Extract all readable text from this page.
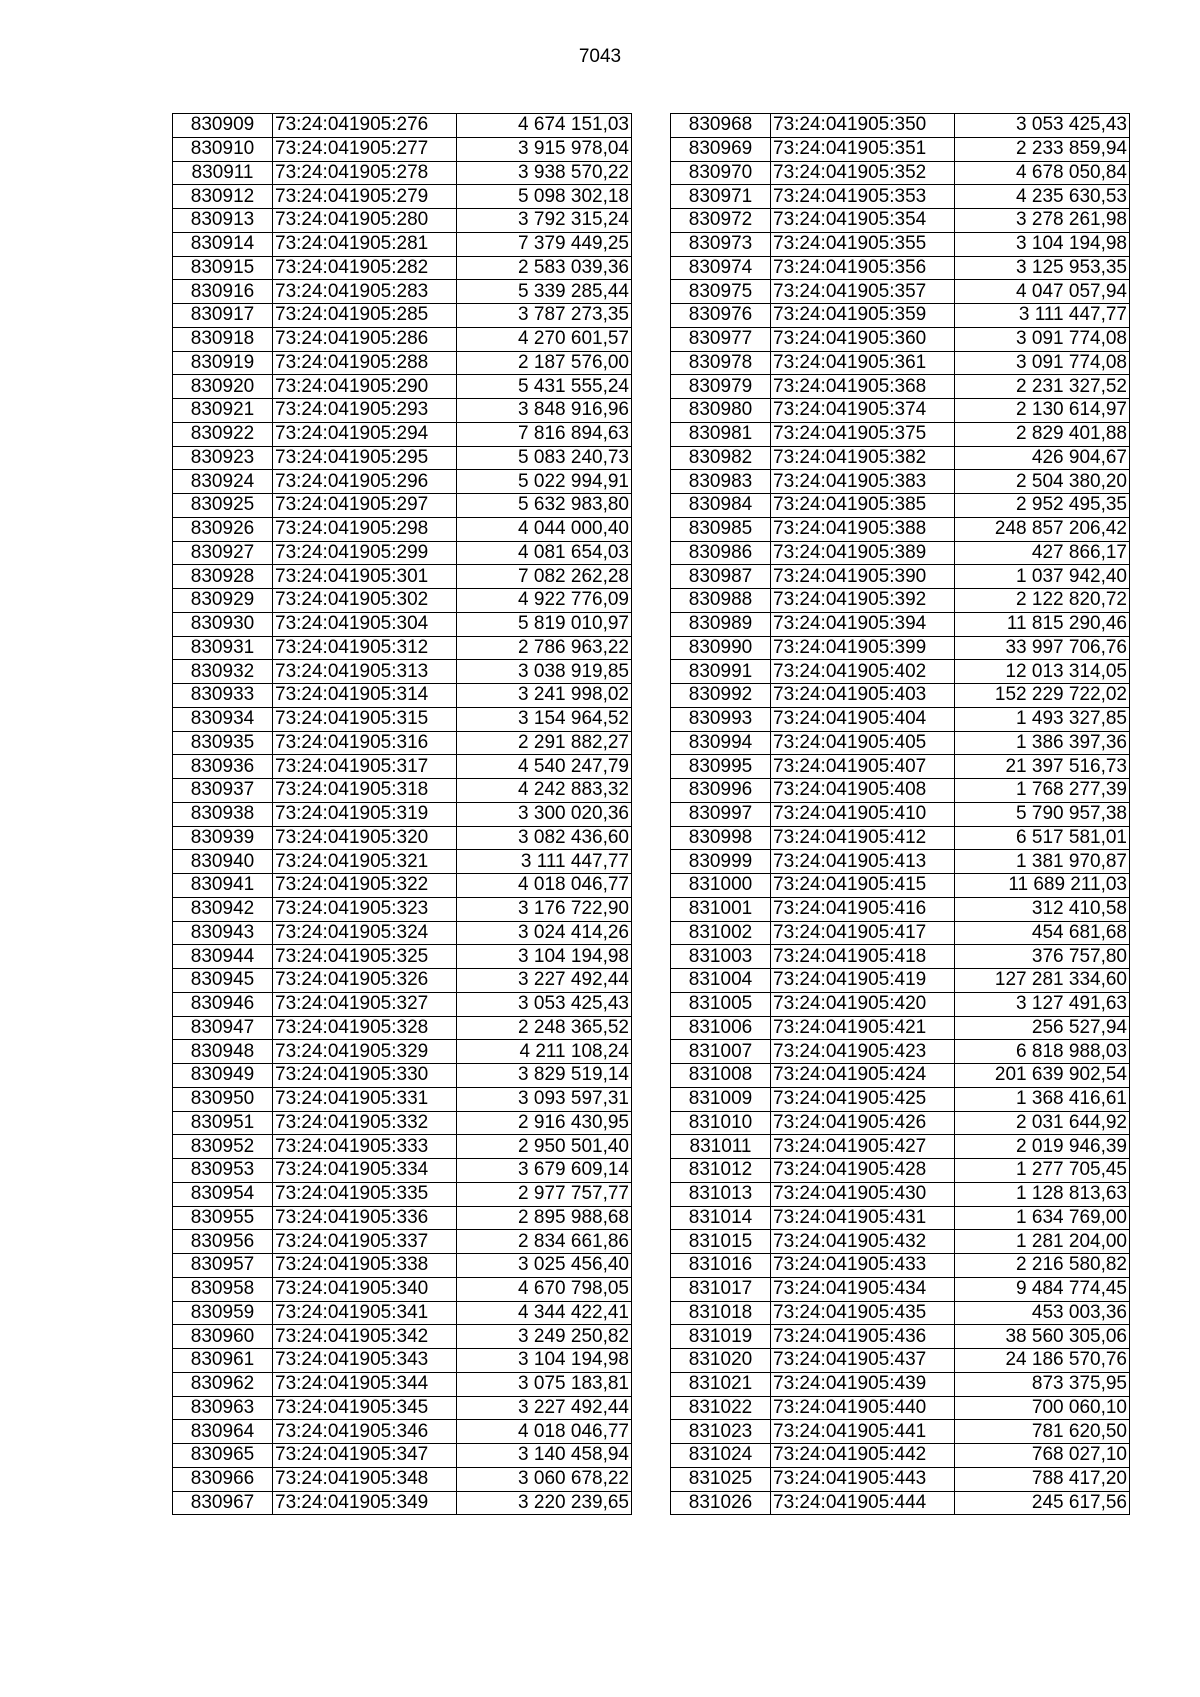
7043
830909	73:24:041905:276	4 674 151,03
830910	73:24:041905:277	3 915 978,04
830911	73:24:041905:278	3 938 570,22
830912	73:24:041905:279	5 098 302,18
830913	73:24:041905:280	3 792 315,24
830914	73:24:041905:281	7 379 449,25
830915	73:24:041905:282	2 583 039,36
830916	73:24:041905:283	5 339 285,44
830917	73:24:041905:285	3 787 273,35
830918	73:24:041905:286	4 270 601,57
830919	73:24:041905:288	2 187 576,00
830920	73:24:041905:290	5 431 555,24
830921	73:24:041905:293	3 848 916,96
830922	73:24:041905:294	7 816 894,63
830923	73:24:041905:295	5 083 240,73
830924	73:24:041905:296	5 022 994,91
830925	73:24:041905:297	5 632 983,80
830926	73:24:041905:298	4 044 000,40
830927	73:24:041905:299	4 081 654,03
830928	73:24:041905:301	7 082 262,28
830929	73:24:041905:302	4 922 776,09
830930	73:24:041905:304	5 819 010,97
830931	73:24:041905:312	2 786 963,22
830932	73:24:041905:313	3 038 919,85
830933	73:24:041905:314	3 241 998,02
830934	73:24:041905:315	3 154 964,52
830935	73:24:041905:316	2 291 882,27
830936	73:24:041905:317	4 540 247,79
830937	73:24:041905:318	4 242 883,32
830938	73:24:041905:319	3 300 020,36
830939	73:24:041905:320	3 082 436,60
830940	73:24:041905:321	3 111 447,77
830941	73:24:041905:322	4 018 046,77
830942	73:24:041905:323	3 176 722,90
830943	73:24:041905:324	3 024 414,26
830944	73:24:041905:325	3 104 194,98
830945	73:24:041905:326	3 227 492,44
830946	73:24:041905:327	3 053 425,43
830947	73:24:041905:328	2 248 365,52
830948	73:24:041905:329	4 211 108,24
830949	73:24:041905:330	3 829 519,14
830950	73:24:041905:331	3 093 597,31
830951	73:24:041905:332	2 916 430,95
830952	73:24:041905:333	2 950 501,40
830953	73:24:041905:334	3 679 609,14
830954	73:24:041905:335	2 977 757,77
830955	73:24:041905:336	2 895 988,68
830956	73:24:041905:337	2 834 661,86
830957	73:24:041905:338	3 025 456,40
830958	73:24:041905:340	4 670 798,05
830959	73:24:041905:341	4 344 422,41
830960	73:24:041905:342	3 249 250,82
830961	73:24:041905:343	3 104 194,98
830962	73:24:041905:344	3 075 183,81
830963	73:24:041905:345	3 227 492,44
830964	73:24:041905:346	4 018 046,77
830965	73:24:041905:347	3 140 458,94
830966	73:24:041905:348	3 060 678,22
830967	73:24:041905:349	3 220 239,65
830968	73:24:041905:350	3 053 425,43
830969	73:24:041905:351	2 233 859,94
830970	73:24:041905:352	4 678 050,84
830971	73:24:041905:353	4 235 630,53
830972	73:24:041905:354	3 278 261,98
830973	73:24:041905:355	3 104 194,98
830974	73:24:041905:356	3 125 953,35
830975	73:24:041905:357	4 047 057,94
830976	73:24:041905:359	3 111 447,77
830977	73:24:041905:360	3 091 774,08
830978	73:24:041905:361	3 091 774,08
830979	73:24:041905:368	2 231 327,52
830980	73:24:041905:374	2 130 614,97
830981	73:24:041905:375	2 829 401,88
830982	73:24:041905:382	426 904,67
830983	73:24:041905:383	2 504 380,20
830984	73:24:041905:385	2 952 495,35
830985	73:24:041905:388	248 857 206,42
830986	73:24:041905:389	427 866,17
830987	73:24:041905:390	1 037 942,40
830988	73:24:041905:392	2 122 820,72
830989	73:24:041905:394	11 815 290,46
830990	73:24:041905:399	33 997 706,76
830991	73:24:041905:402	12 013 314,05
830992	73:24:041905:403	152 229 722,02
830993	73:24:041905:404	1 493 327,85
830994	73:24:041905:405	1 386 397,36
830995	73:24:041905:407	21 397 516,73
830996	73:24:041905:408	1 768 277,39
830997	73:24:041905:410	5 790 957,38
830998	73:24:041905:412	6 517 581,01
830999	73:24:041905:413	1 381 970,87
831000	73:24:041905:415	11 689 211,03
831001	73:24:041905:416	312 410,58
831002	73:24:041905:417	454 681,68
831003	73:24:041905:418	376 757,80
831004	73:24:041905:419	127 281 334,60
831005	73:24:041905:420	3 127 491,63
831006	73:24:041905:421	256 527,94
831007	73:24:041905:423	6 818 988,03
831008	73:24:041905:424	201 639 902,54
831009	73:24:041905:425	1 368 416,61
831010	73:24:041905:426	2 031 644,92
831011	73:24:041905:427	2 019 946,39
831012	73:24:041905:428	1 277 705,45
831013	73:24:041905:430	1 128 813,63
831014	73:24:041905:431	1 634 769,00
831015	73:24:041905:432	1 281 204,00
831016	73:24:041905:433	2 216 580,82
831017	73:24:041905:434	9 484 774,45
831018	73:24:041905:435	453 003,36
831019	73:24:041905:436	38 560 305,06
831020	73:24:041905:437	24 186 570,76
831021	73:24:041905:439	873 375,95
831022	73:24:041905:440	700 060,10
831023	73:24:041905:441	781 620,50
831024	73:24:041905:442	768 027,10
831025	73:24:041905:443	788 417,20
831026	73:24:041905:444	245 617,56
